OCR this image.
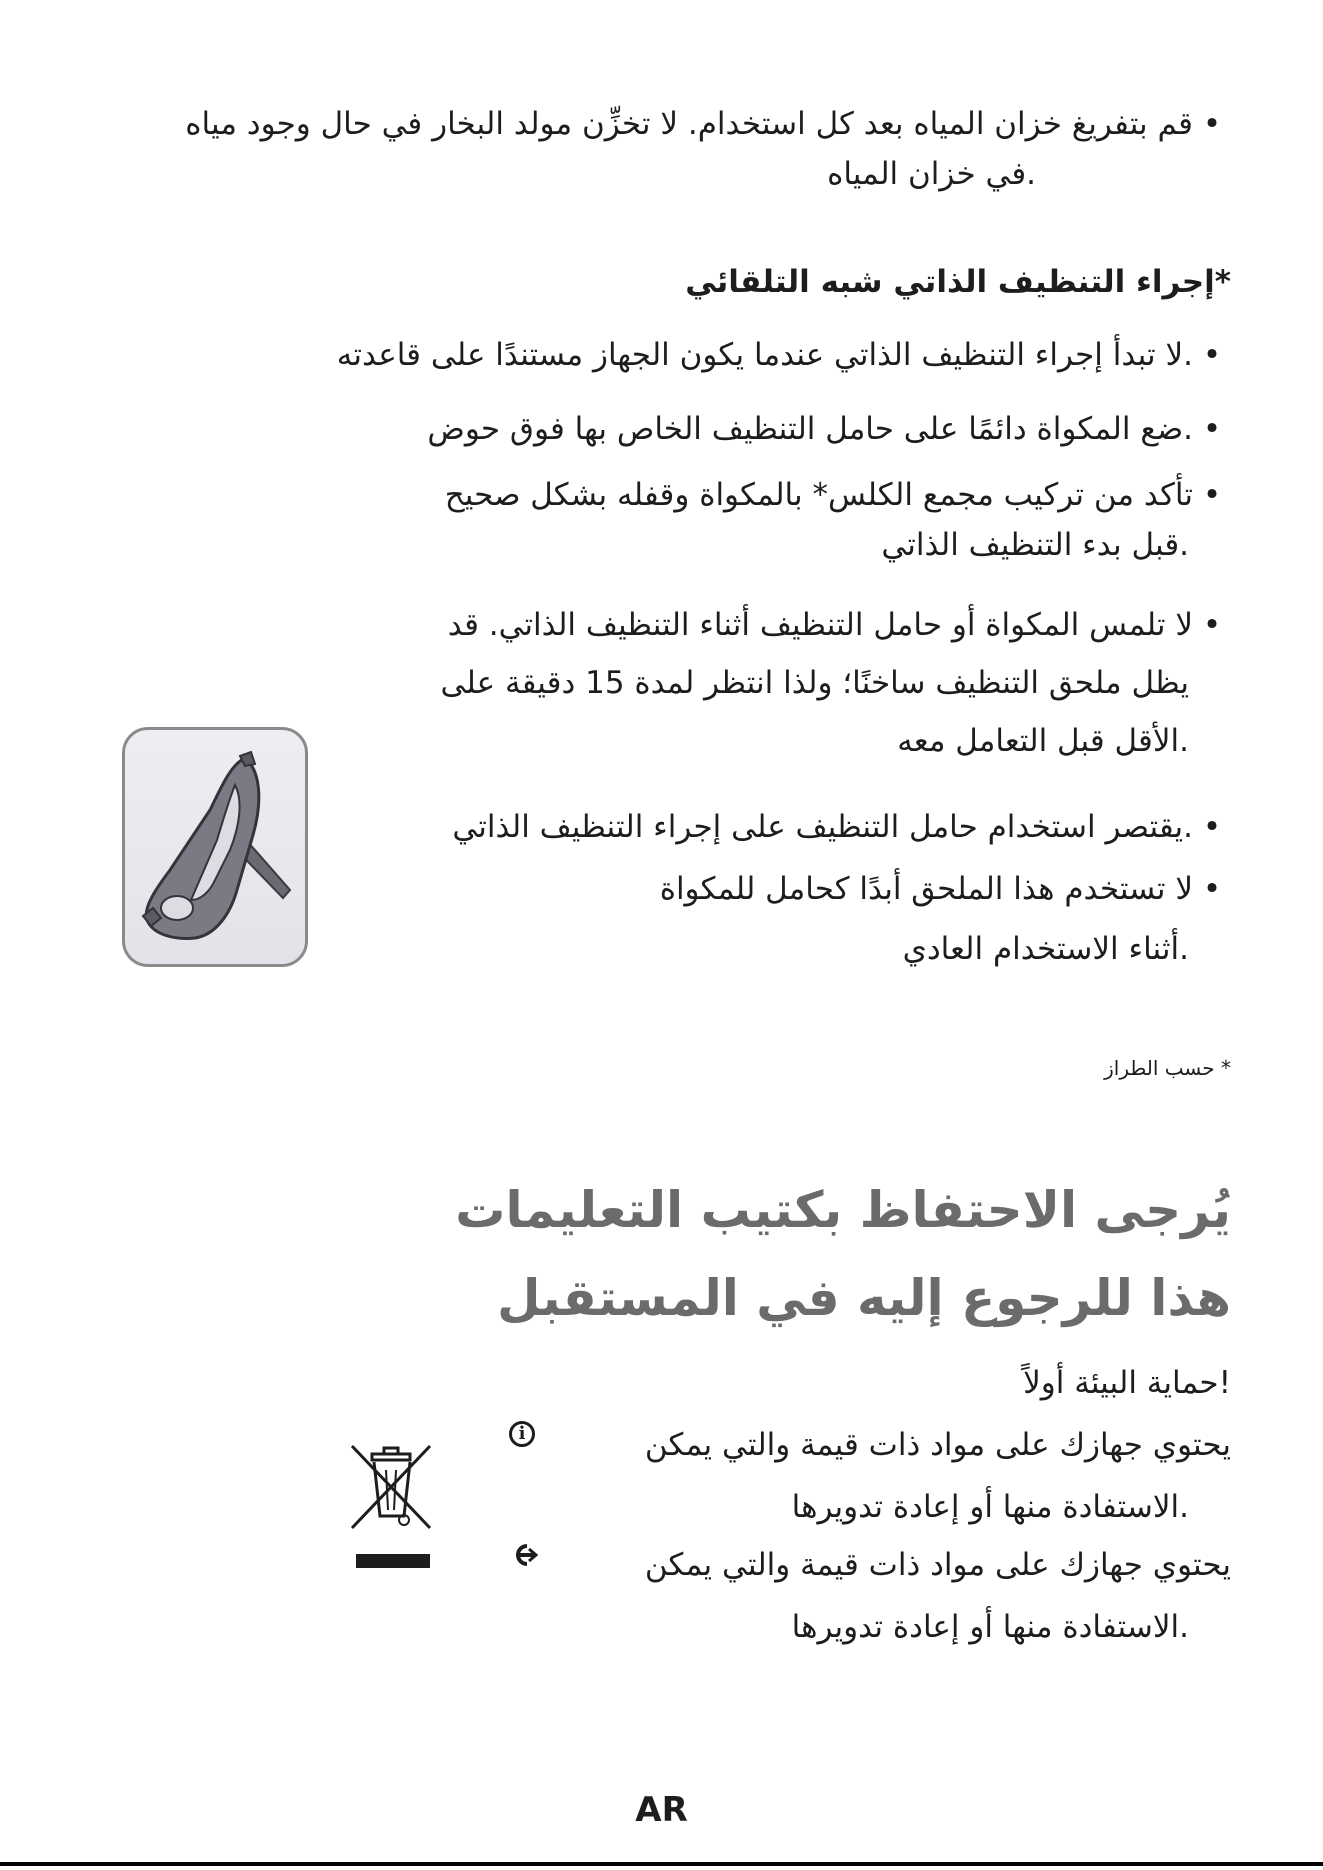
•قم بتفريغ خزان المياه بعد كل استخدام. لا تخزِّن مولد البخار في حال وجود مياه
.في خزان المياه
*إجراء التنظيف الذاتي شبه التلقائي
•.لا تبدأ إجراء التنظيف الذاتي عندما يكون الجهاز مستندًا على قاعدته
•.ضع المكواة دائمًا على حامل التنظيف الخاص بها فوق حوض
•تأكد من تركيب مجمع الكلس* بالمكواة وقفله بشكل صحيح
.قبل بدء التنظيف الذاتي
•لا تلمس المكواة أو حامل التنظيف أثناء التنظيف الذاتي. قد
يظل ملحق التنظيف ساخنًا؛ ولذا انتظر لمدة 15 دقيقة على
.الأقل قبل التعامل معه
•.يقتصر استخدام حامل التنظيف على إجراء التنظيف الذاتي
•لا تستخدم هذا الملحق أبدًا كحامل للمكواة
.أثناء الاستخدام العادي
* حسب الطراز
يُرجى الاحتفاظ بكتيب التعليمات
هذا للرجوع إليه في المستقبل
!حماية البيئة أولاً
يحتوي جهازك على مواد ذات قيمة والتي يمكن
.الاستفادة منها أو إعادة تدويرها
يحتوي جهازك على مواد ذات قيمة والتي يمكن
.الاستفادة منها أو إعادة تدويرها
i
AR
